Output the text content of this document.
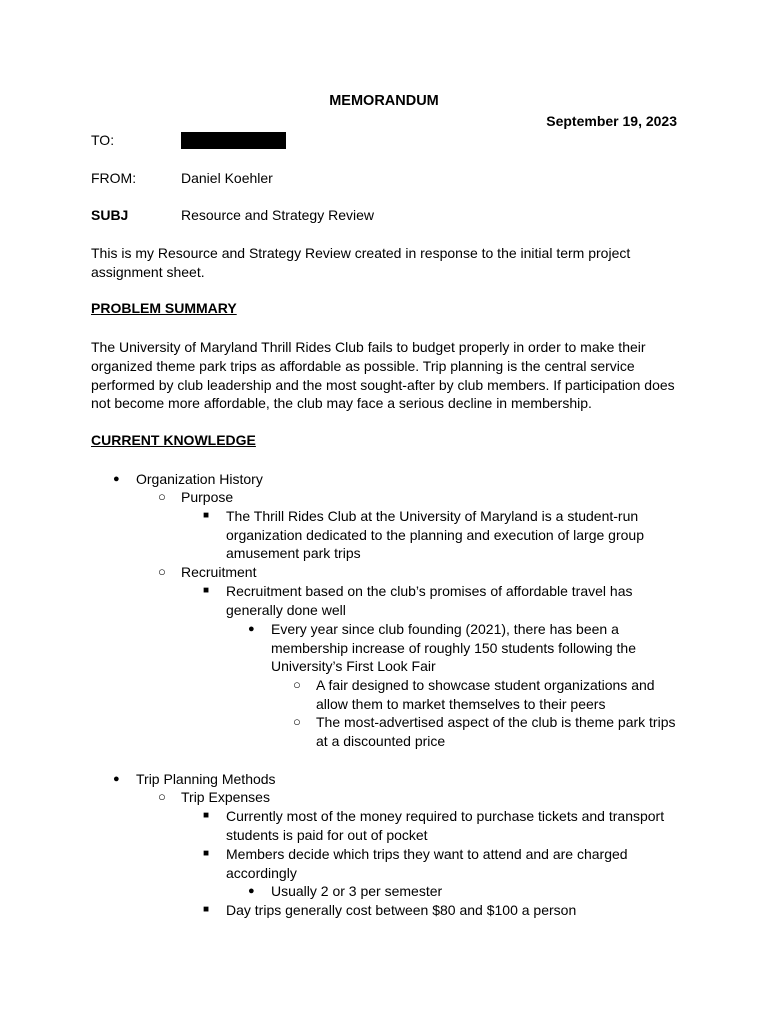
MEMORANDUM
September 19, 2023
TO:
FROM:	Daniel Koehler
SUBJ	Resource and Strategy Review
This is my Resource and Strategy Review created in response to the initial term project
assignment sheet.
PROBLEM SUMMARY
The University of Maryland Thrill Rides Club fails to budget properly in order to make their
organized theme park trips as affordable as possible. Trip planning is the central service
performed by club leadership and the most sought-after by club members. If participation does
not become more affordable, the club may face a serious decline in membership.
CURRENT KNOWLEDGE
● Organization History
○ Purpose
■ The Thrill Rides Club at the University of Maryland is a student-run
organization dedicated to the planning and execution of large group
amusement park trips
○ Recruitment
■ Recruitment based on the club’s promises of affordable travel has
generally done well
● Every year since club founding (2021), there has been a
membership increase of roughly 150 students following the
University’s First Look Fair
○ A fair designed to showcase student organizations and
allow them to market themselves to their peers
○ The most-advertised aspect of the club is theme park trips
at a discounted price
● Trip Planning Methods
○ Trip Expenses
■ Currently most of the money required to purchase tickets and transport
students is paid for out of pocket
■ Members decide which trips they want to attend and are charged
accordingly
● Usually 2 or 3 per semester
■ Day trips generally cost between $80 and $100 a person
